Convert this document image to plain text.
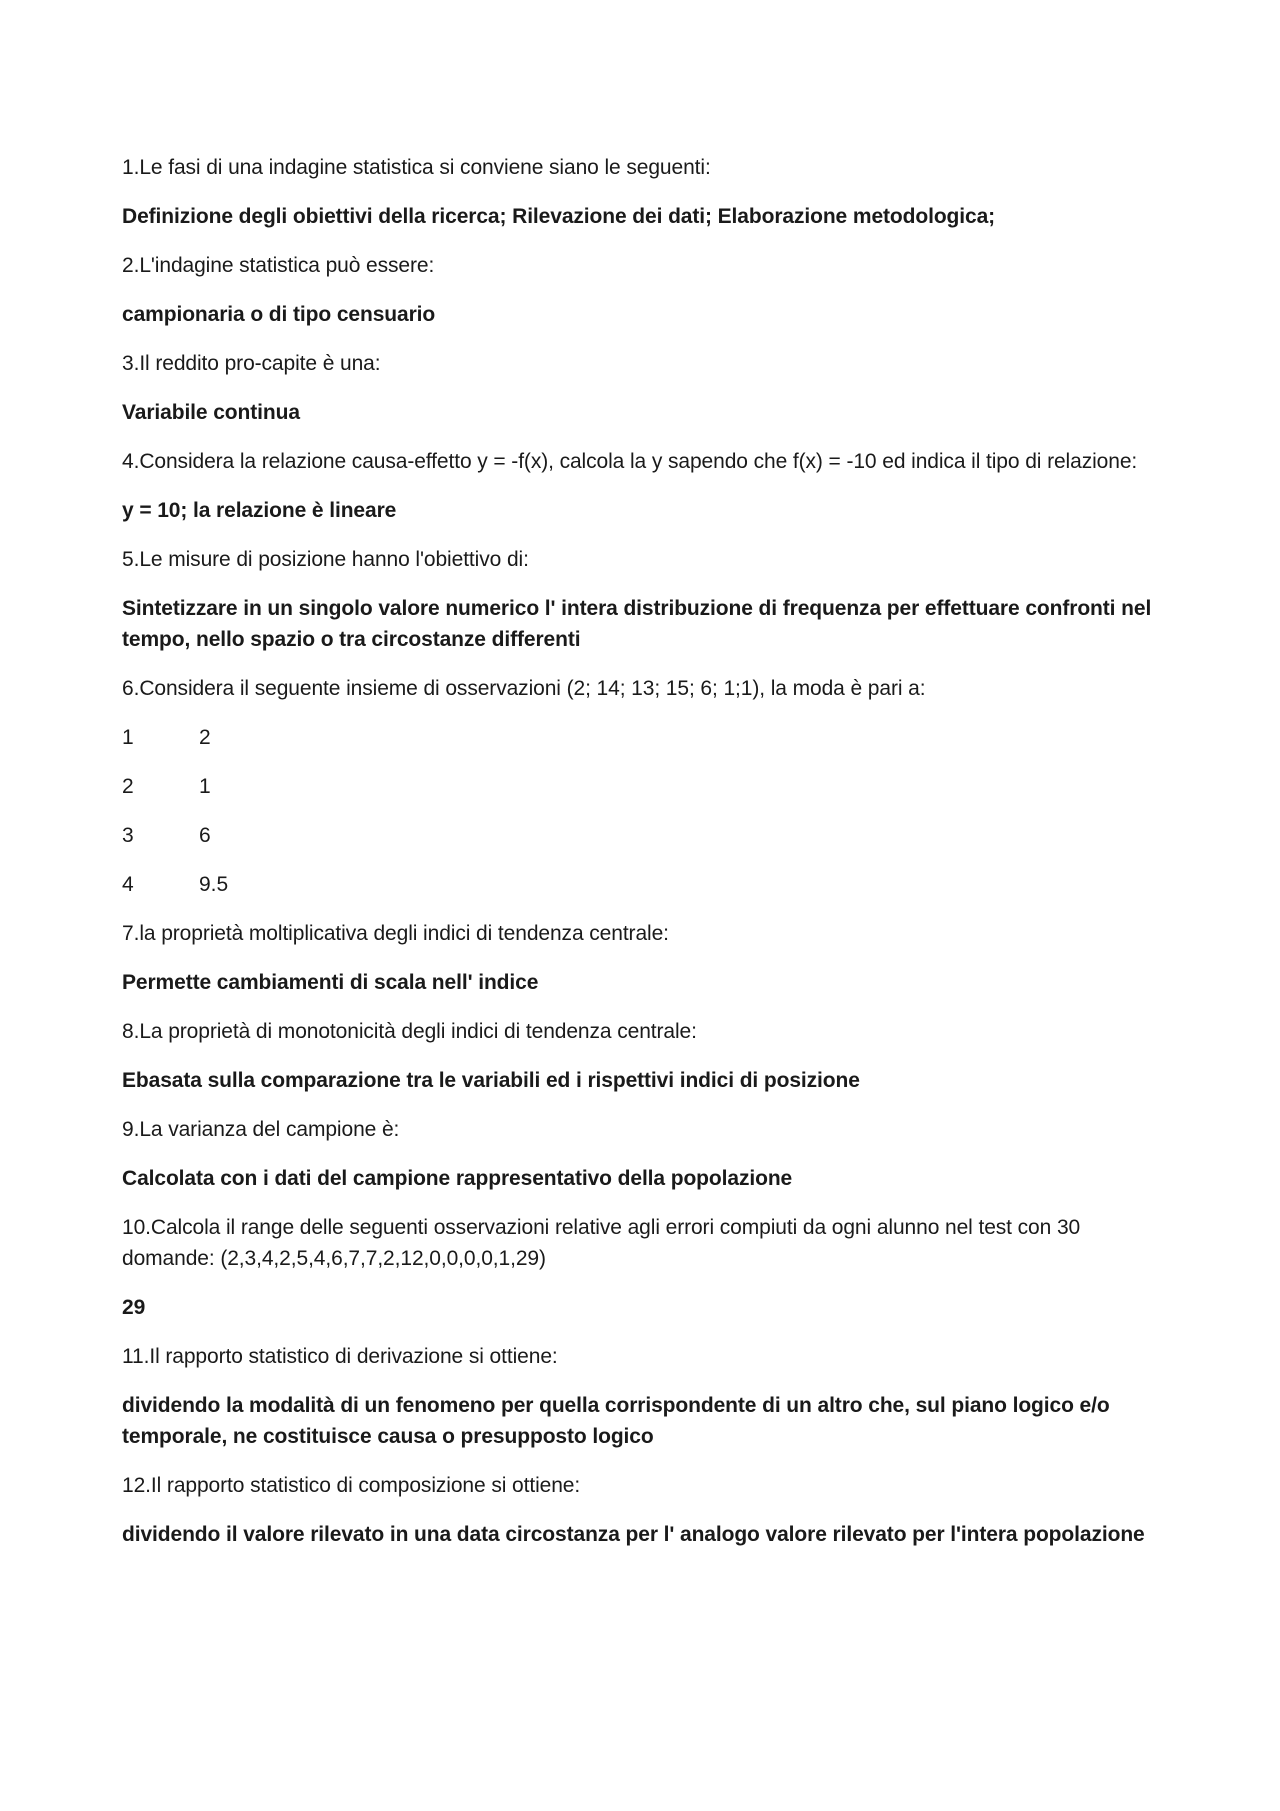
1.Le fasi di una indagine statistica si conviene siano le seguenti:

Definizione degli obiettivi della ricerca; Rilevazione dei dati; Elaborazione metodologica;

2.L'indagine statistica può essere:

campionaria o di tipo censuario

3.Il reddito pro-capite è una:

Variabile continua

4.Considera la relazione causa-effetto y = -f(x), calcola la y sapendo che f(x) = -10 ed indica il tipo di relazione:

y = 10; la relazione è lineare

5.Le misure di posizione hanno l'obiettivo di:

Sintetizzare in un singolo valore numerico l' intera distribuzione di frequenza per effettuare confronti nel tempo, nello spazio o tra circostanze differenti

6.Considera il seguente insieme di osservazioni (2; 14; 13; 15; 6; 1;1), la moda è pari a:

1	2
2	1
3	6
4	9.5

7.la proprietà moltiplicativa degli indici di tendenza centrale:

Permette cambiamenti di scala nell' indice

8.La proprietà di monotonicità degli indici di tendenza centrale:

Ebasata sulla comparazione tra le variabili ed i rispettivi indici di posizione

9.La varianza del campione è:

Calcolata con i dati del campione rappresentativo della popolazione

10.Calcola il range delle seguenti osservazioni relative agli errori compiuti da ogni alunno nel test con 30 domande: (2,3,4,2,5,4,6,7,7,2,12,0,0,0,0,1,29)

29

11.Il rapporto statistico di derivazione si ottiene:

dividendo la modalità di un fenomeno per quella corrispondente di un altro che, sul piano logico e/o temporale, ne costituisce causa o presupposto logico

12.Il rapporto statistico di composizione si ottiene:

dividendo il valore rilevato in una data circostanza per l' analogo valore rilevato per l'intera popolazione
